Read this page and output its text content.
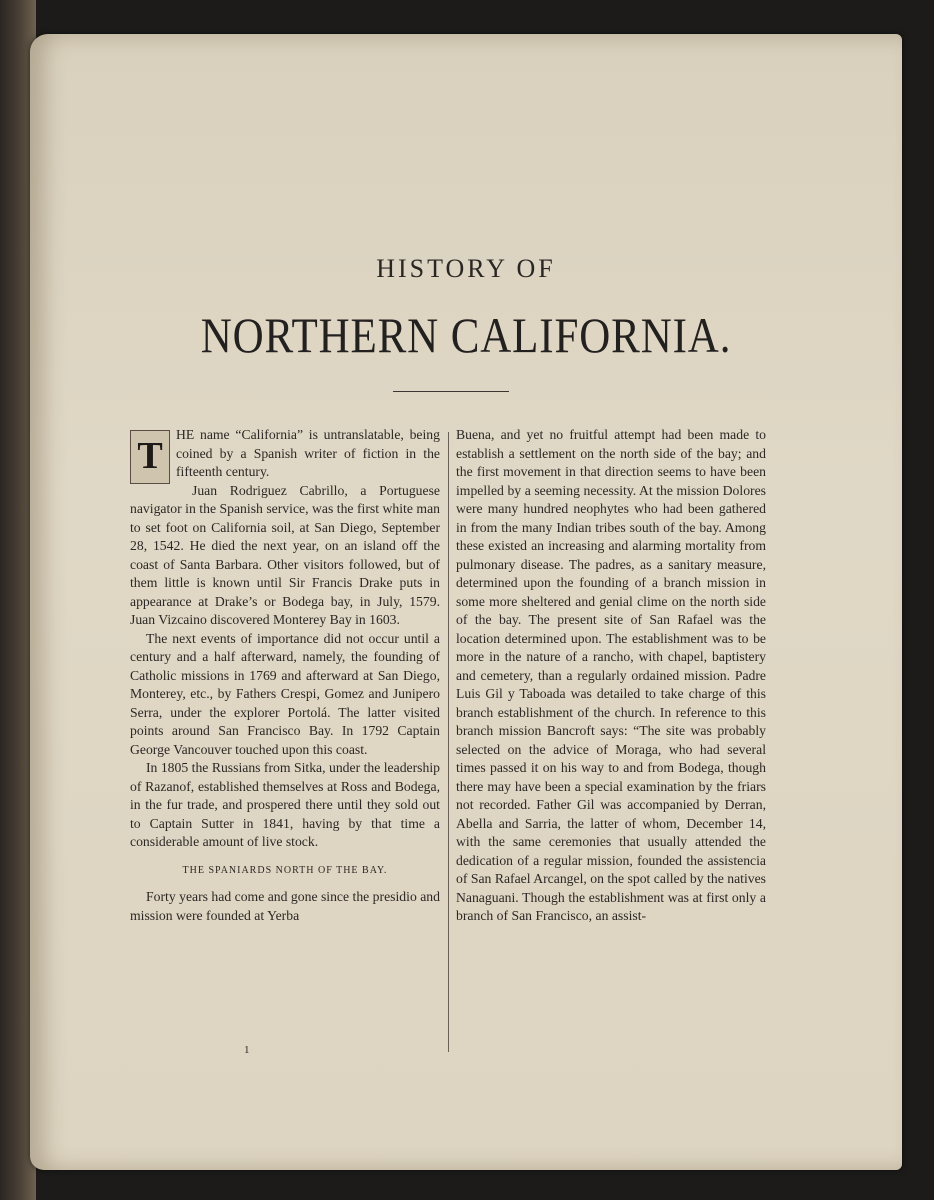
HISTORY OF
NORTHERN CALIFORNIA.

T
HE name “California” is untranslatable, being coined by a Spanish writer of fiction in the fifteenth century.

Juan Rodriguez Cabrillo, a Portuguese navigator in the Spanish service, was the first white man to set foot on California soil, at San Diego, September 28, 1542. He died the next year, on an island off the coast of Santa Barbara. Other visitors followed, but of them little is known until Sir Francis Drake puts in appearance at Drake’s or Bodega bay, in July, 1579. Juan Vizcaino discovered Monterey Bay in 1603.

The next events of importance did not occur until a century and a half afterward, namely, the founding of Catholic missions in 1769 and afterward at San Diego, Monterey, etc., by Fathers Crespi, Gomez and Junipero Serra, under the explorer Portolá. The latter visited points around San Francisco Bay. In 1792 Captain George Vancouver touched upon this coast.

In 1805 the Russians from Sitka, under the leadership of Razanof, established themselves at Ross and Bodega, in the fur trade, and prospered there until they sold out to Captain Sutter in 1841, having by that time a considerable amount of live stock.

THE SPANIARDS NORTH OF THE BAY.

Forty years had come and gone since the presidio and mission were founded at Yerba

Buena, and yet no fruitful attempt had been made to establish a settlement on the north side of the bay; and the first movement in that direction seems to have been impelled by a seeming necessity. At the mission Dolores were many hundred neophytes who had been gathered in from the many Indian tribes south of the bay. Among these existed an increasing and alarming mortality from pulmonary disease. The padres, as a sanitary measure, determined upon the founding of a branch mission in some more sheltered and genial clime on the north side of the bay. The present site of San Rafael was the location determined upon. The establishment was to be more in the nature of a rancho, with chapel, baptistery and cemetery, than a regularly ordained mission. Padre Luis Gil y Taboada was detailed to take charge of this branch establishment of the church. In reference to this branch mission Bancroft says: “The site was probably selected on the advice of Moraga, who had several times passed it on his way to and from Bodega, though there may have been a special examination by the friars not recorded. Father Gil was accompanied by Derran, Abella and Sarria, the latter of whom, December 14, with the same ceremonies that usually attended the dedication of a regular mission, founded the assistencia of San Rafael Arcangel, on the spot called by the natives Nanaguani. Though the establishment was at first only a branch of San Francisco, an assist-

1
